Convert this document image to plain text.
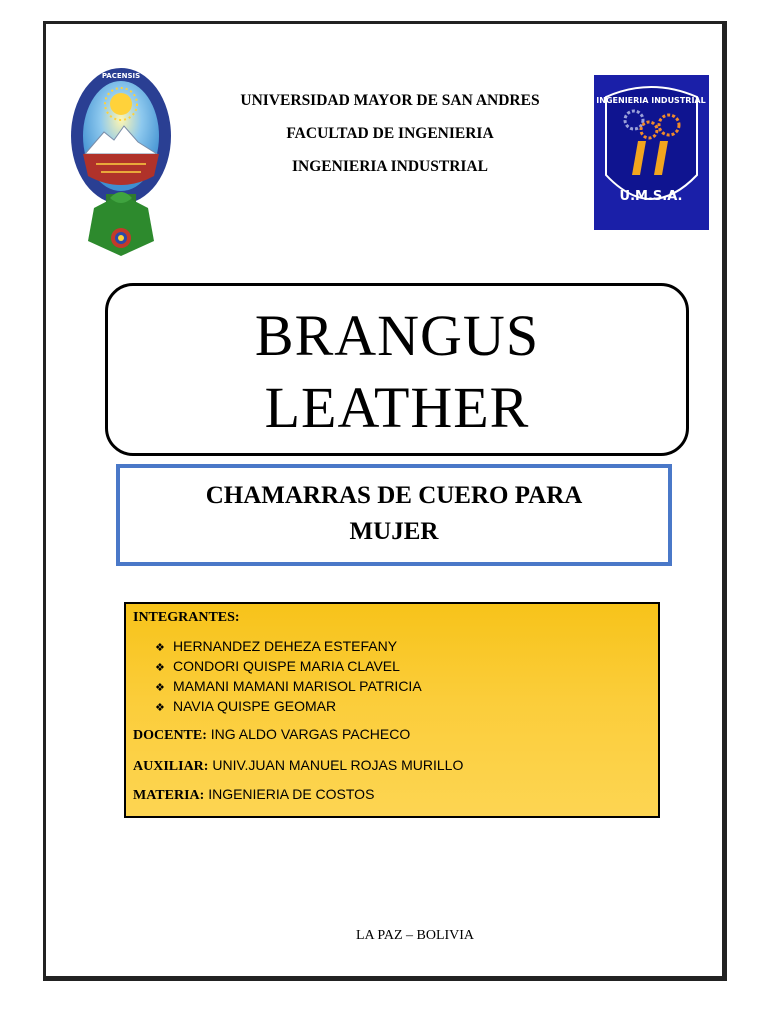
PACENSIS
INGENIERIA INDUSTRIAL
U.M.S.A.
UNIVERSIDAD MAYOR DE SAN ANDRES
FACULTAD DE INGENIERIA
INGENIERIA INDUSTRIAL
BRANGUS
LEATHER
CHAMARRAS DE CUERO PARA
MUJER
INTEGRANTES:
❖ HERNANDEZ DEHEZA ESTEFANY
❖ CONDORI QUISPE MARIA CLAVEL
❖ MAMANI MAMANI MARISOL PATRICIA
❖ NAVIA QUISPE GEOMAR
DOCENTE: ING ALDO VARGAS PACHECO
AUXILIAR: UNIV.JUAN MANUEL ROJAS MURILLO
MATERIA: INGENIERIA DE COSTOS
LA PAZ – BOLIVIA
